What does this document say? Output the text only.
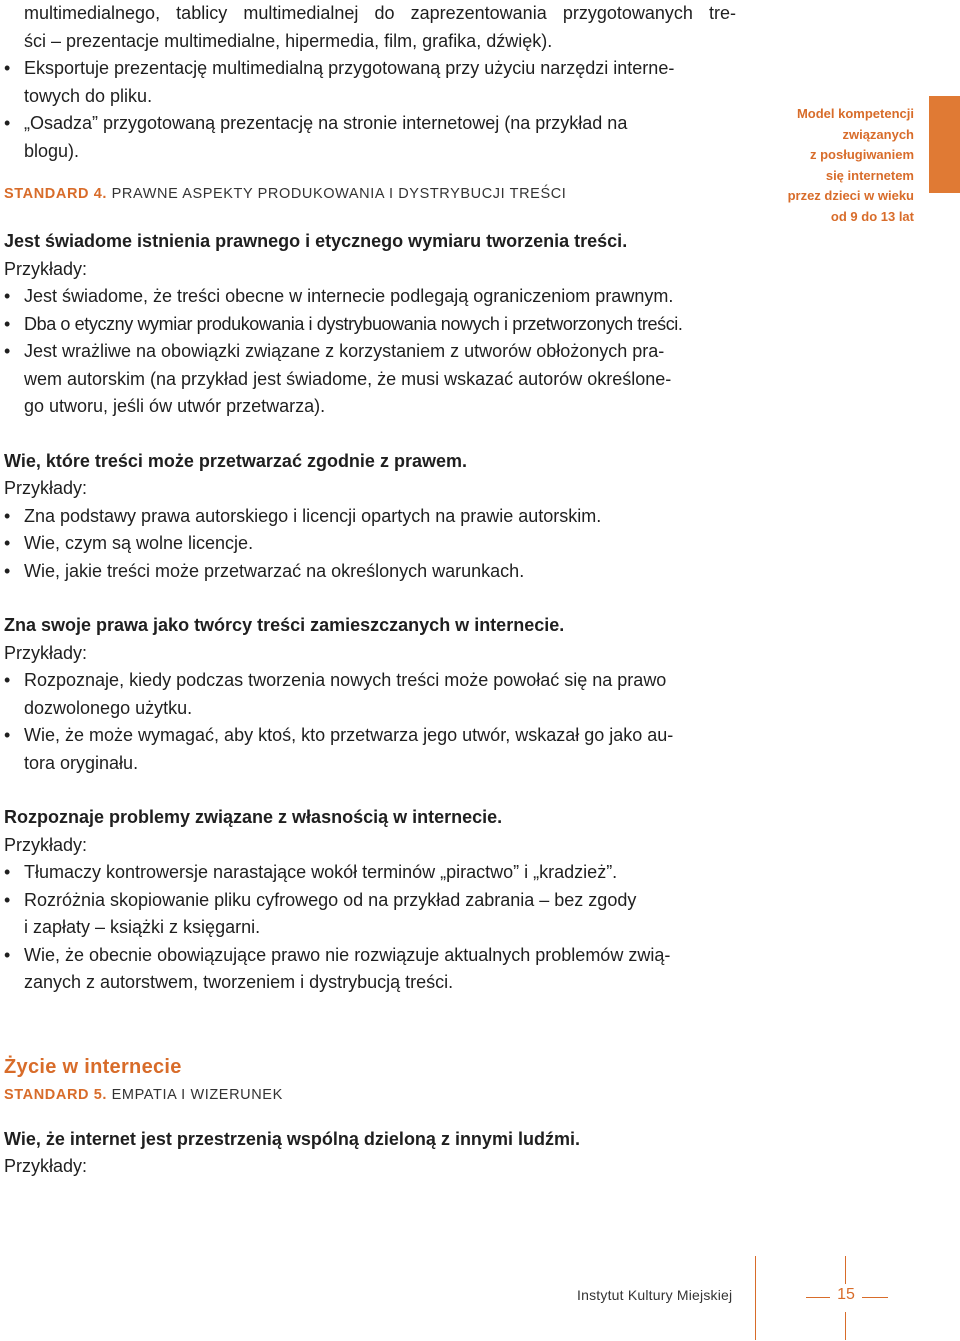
multimedialnego, tablicy multimedialnej do zaprezentowania przygotowanych tre-

ści – prezentacje multimedialne, hipermedia, film, grafika, dźwięk).

• Eksportuje prezentację multimedialną przygotowaną przy użyciu narzędzi interne-
towych do pliku.
• „Osadza” przygotowaną prezentację na stronie internetowej (na przykład na
blogu).
STANDARD 4. PRAWNE ASPEKTY PRODUKOWANIA I DYSTRYBUCJI TREŚCI

Jest świadome istnienia prawnego i etycznego wymiaru tworzenia treści.

Przykłady:

• Jest świadome, że treści obecne w internecie podlegają ograniczeniom prawnym.
• Dba o etyczny wymiar produkowania i dystrybuowania nowych i przetworzonych treści.
• Jest wrażliwe na obowiązki związane z korzystaniem z utworów obłożonych pra-
wem autorskim (na przykład jest świadome, że musi wskazać autorów określone-
go utworu, jeśli ów utwór przetwarza).

Wie, które treści może przetwarzać zgodnie z prawem.

Przykłady:

• Zna podstawy prawa autorskiego i licencji opartych na prawie autorskim.
• Wie, czym są wolne licencje.
• Wie, jakie treści może przetwarzać na określonych warunkach.

Zna swoje prawa jako twórcy treści zamieszczanych w internecie.

Przykłady:

• Rozpoznaje, kiedy podczas tworzenia nowych treści może powołać się na prawo
dozwolonego użytku.
• Wie, że może wymagać, aby ktoś, kto przetwarza jego utwór, wskazał go jako au-
tora oryginału.

Rozpoznaje problemy związane z własnością w internecie.

Przykłady:

• Tłumaczy kontrowersje narastające wokół terminów „piractwo” i „kradzież”.
• Rozróżnia skopiowanie pliku cyfrowego od na przykład zabrania – bez zgody
i zapłaty – książki z księgarni.
• Wie, że obecnie obowiązujące prawo nie rozwiązuje aktualnych problemów zwią-
zanych z autorstwem, tworzeniem i dystrybucją treści.
Życie w internecie
STANDARD 5. EMPATIA I WIZERUNEK

Wie, że internet jest przestrzenią wspólną dzieloną z innymi ludźmi.

Przykłady:

Model kompetencji
związanych
z posługiwaniem
się internetem
przez dzieci w wieku
od 9 do 13 lat
Instytut Kultury Miejskiej	15
